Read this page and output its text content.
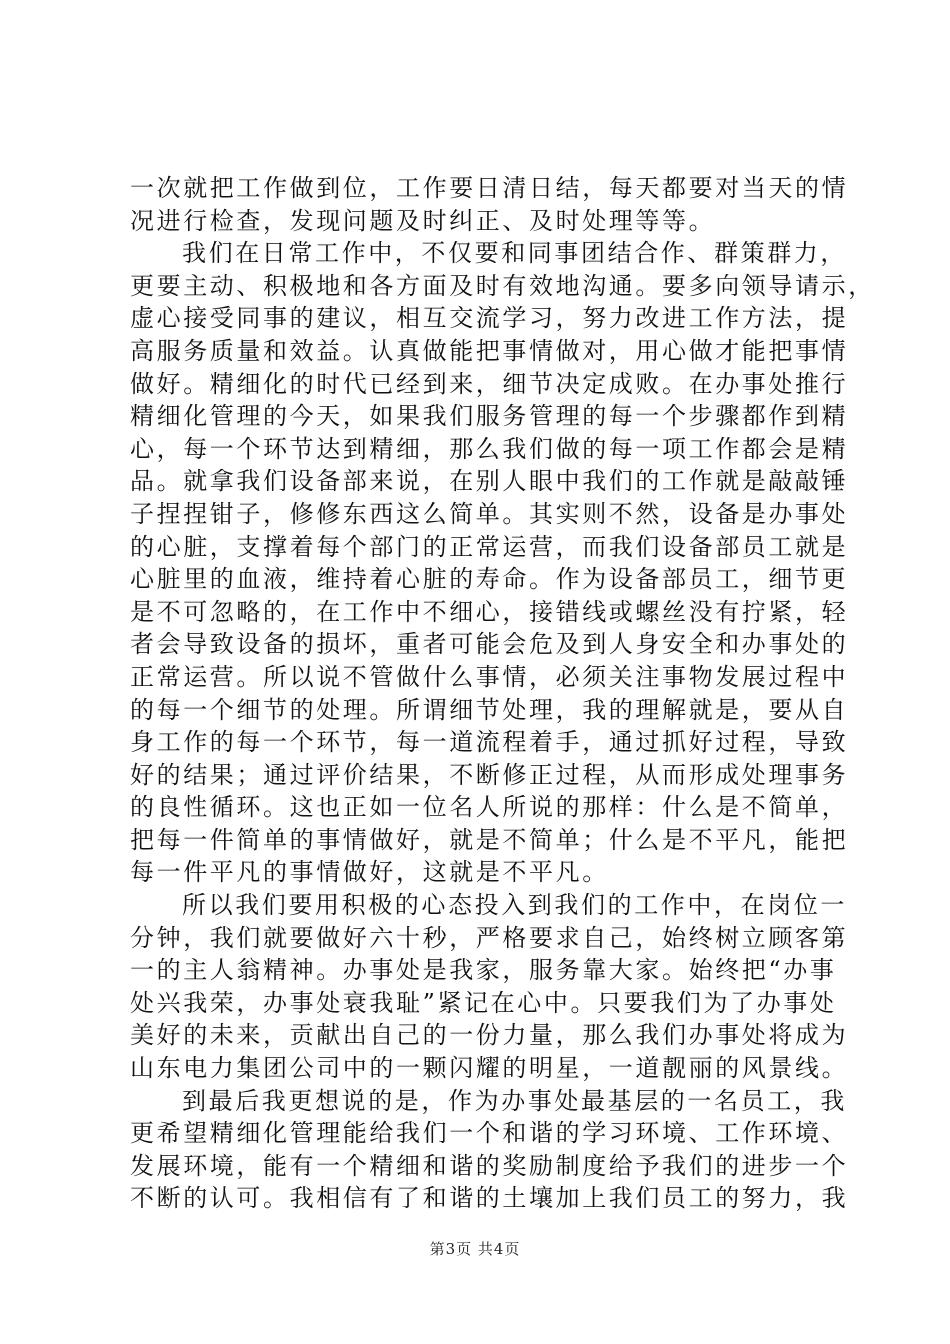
一次就把工作做到位，工作要日清日结，每天都要对当天的情
况进行检查，发现问题及时纠正、及时处理等等。
我们在日常工作中，不仅要和同事团结合作、群策群力，
更要主动、积极地和各方面及时有效地沟通。要多向领导请示，
虚心接受同事的建议，相互交流学习，努力改进工作方法，提
高服务质量和效益。认真做能把事情做对，用心做才能把事情
做好。精细化的时代已经到来，细节决定成败。在办事处推行
精细化管理的今天，如果我们服务管理的每一个步骤都作到精
心，每一个环节达到精细，那么我们做的每一项工作都会是精
品。就拿我们设备部来说，在别人眼中我们的工作就是敲敲锤
子捏捏钳子，修修东西这么简单。其实则不然，设备是办事处
的心脏，支撑着每个部门的正常运营，而我们设备部员工就是
心脏里的血液，维持着心脏的寿命。作为设备部员工，细节更
是不可忽略的，在工作中不细心，接错线或螺丝没有拧紧，轻
者会导致设备的损坏，重者可能会危及到人身安全和办事处的
正常运营。所以说不管做什么事情，必须关注事物发展过程中
的每一个细节的处理。所谓细节处理，我的理解就是，要从自
身工作的每一个环节，每一道流程着手，通过抓好过程，导致
好的结果；通过评价结果，不断修正过程，从而形成处理事务
的良性循环。这也正如一位名人所说的那样：什么是不简单，
把每一件简单的事情做好，就是不简单；什么是不平凡，能把
每一件平凡的事情做好，这就是不平凡。
所以我们要用积极的心态投入到我们的工作中，在岗位一
分钟，我们就要做好六十秒，严格要求自己，始终树立顾客第
一的主人翁精神。办事处是我家，服务靠大家。始终把“办事
处兴我荣，办事处衰我耻”紧记在心中。只要我们为了办事处
美好的未来，贡献出自己的一份力量，那么我们办事处将成为
山东电力集团公司中的一颗闪耀的明星，一道靓丽的风景线。
到最后我更想说的是，作为办事处最基层的一名员工，我
更希望精细化管理能给我们一个和谐的学习环境、工作环境、
发展环境，能有一个精细和谐的奖励制度给予我们的进步一个
不断的认可。我相信有了和谐的土壤加上我们员工的努力，我
第3页 共4页
